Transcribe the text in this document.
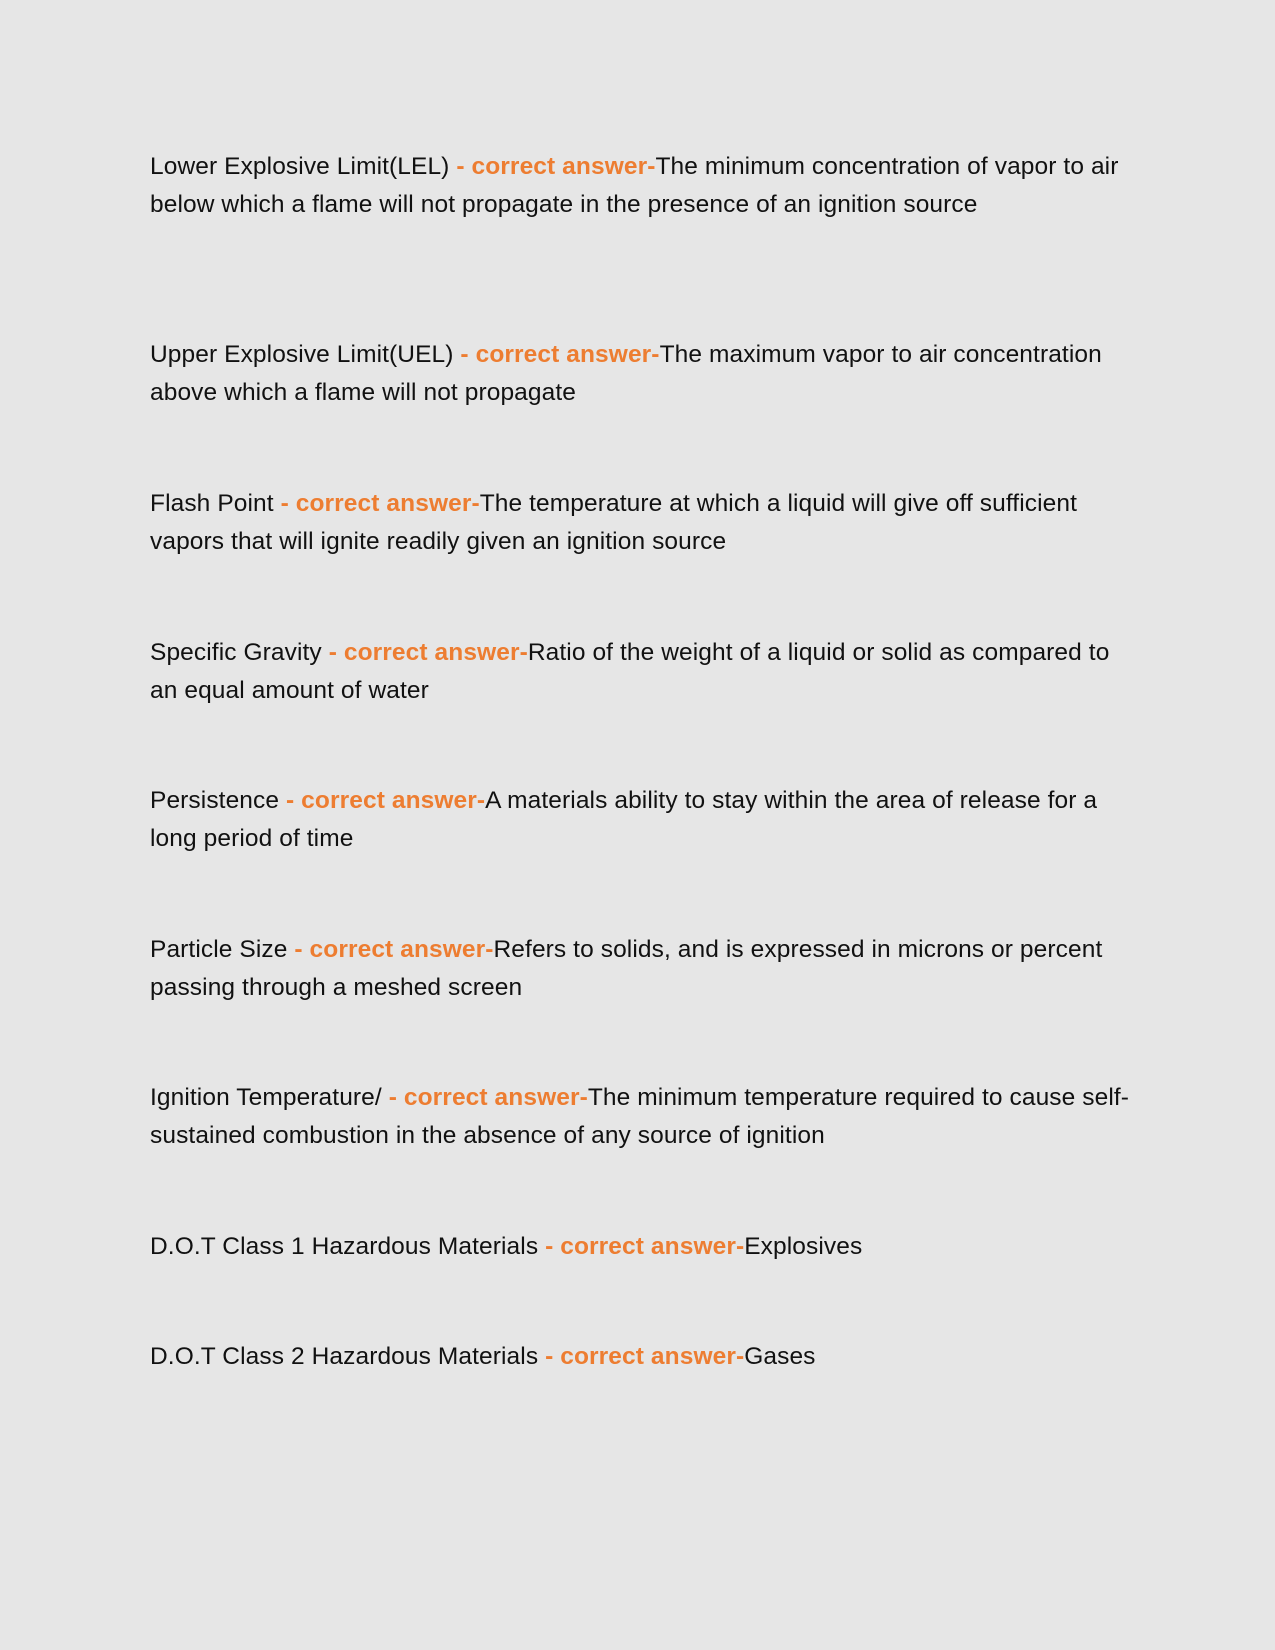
Lower Explosive Limit(LEL) - correct answer-The minimum concentration of vapor to air below which a flame will not propagate in the presence of an ignition source
Upper Explosive Limit(UEL) - correct answer-The maximum vapor to air concentration above which a flame will not propagate
Flash Point - correct answer-The temperature at which a liquid will give off sufficient vapors that will ignite readily given an ignition source
Specific Gravity - correct answer-Ratio of the weight of a liquid or solid as compared to an equal amount of water
Persistence - correct answer-A materials ability to stay within the area of release for a long period of time
Particle Size - correct answer-Refers to solids, and is expressed in microns or percent passing through a meshed screen
Ignition Temperature/ - correct answer-The minimum temperature required to cause self-sustained combustion in the absence of any source of ignition
D.O.T Class 1 Hazardous Materials - correct answer-Explosives
D.O.T Class 2 Hazardous Materials - correct answer-Gases
